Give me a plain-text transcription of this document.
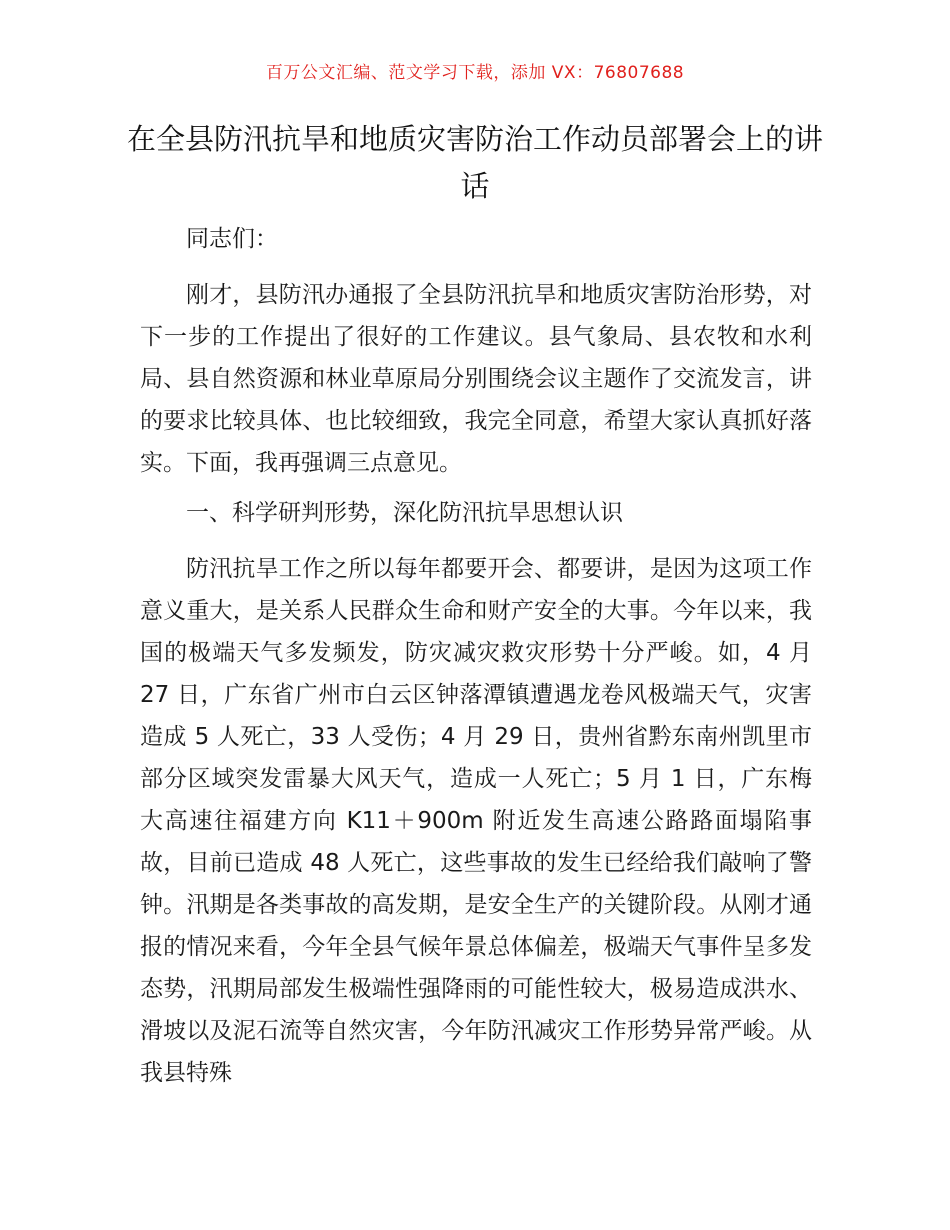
百万公文汇编、范文学习下载，添加 VX：76807688
在全县防汛抗旱和地质灾害防治工作动员部署会上的讲话

同志们：

刚才，县防汛办通报了全县防汛抗旱和地质灾害防治形势，对下一步的工作提出了很好的工作建议。县气象局、县农牧和水利局、县自然资源和林业草原局分别围绕会议主题作了交流发言，讲的要求比较具体、也比较细致，我完全同意，希望大家认真抓好落实。下面，我再强调三点意见。

一、科学研判形势，深化防汛抗旱思想认识

防汛抗旱工作之所以每年都要开会、都要讲，是因为这项工作意义重大，是关系人民群众生命和财产安全的大事。今年以来，我国的极端天气多发频发，防灾减灾救灾形势十分严峻。如，4 月 27 日，广东省广州市白云区钟落潭镇遭遇龙卷风极端天气，灾害造成 5 人死亡，33 人受伤；4 月 29 日，贵州省黔东南州凯里市部分区域突发雷暴大风天气，造成一人死亡；5 月 1 日，广东梅大高速往福建方向 K11＋900m 附近发生高速公路路面塌陷事故，目前已造成 48 人死亡，这些事故的发生已经给我们敲响了警钟。汛期是各类事故的高发期，是安全生产的关键阶段。从刚才通报的情况来看，今年全县气候年景总体偏差，极端天气事件呈多发态势，汛期局部发生极端性强降雨的可能性较大，极易造成洪水、滑坡以及泥石流等自然灾害，今年防汛减灾工作形势异常严峻。从我县特殊
